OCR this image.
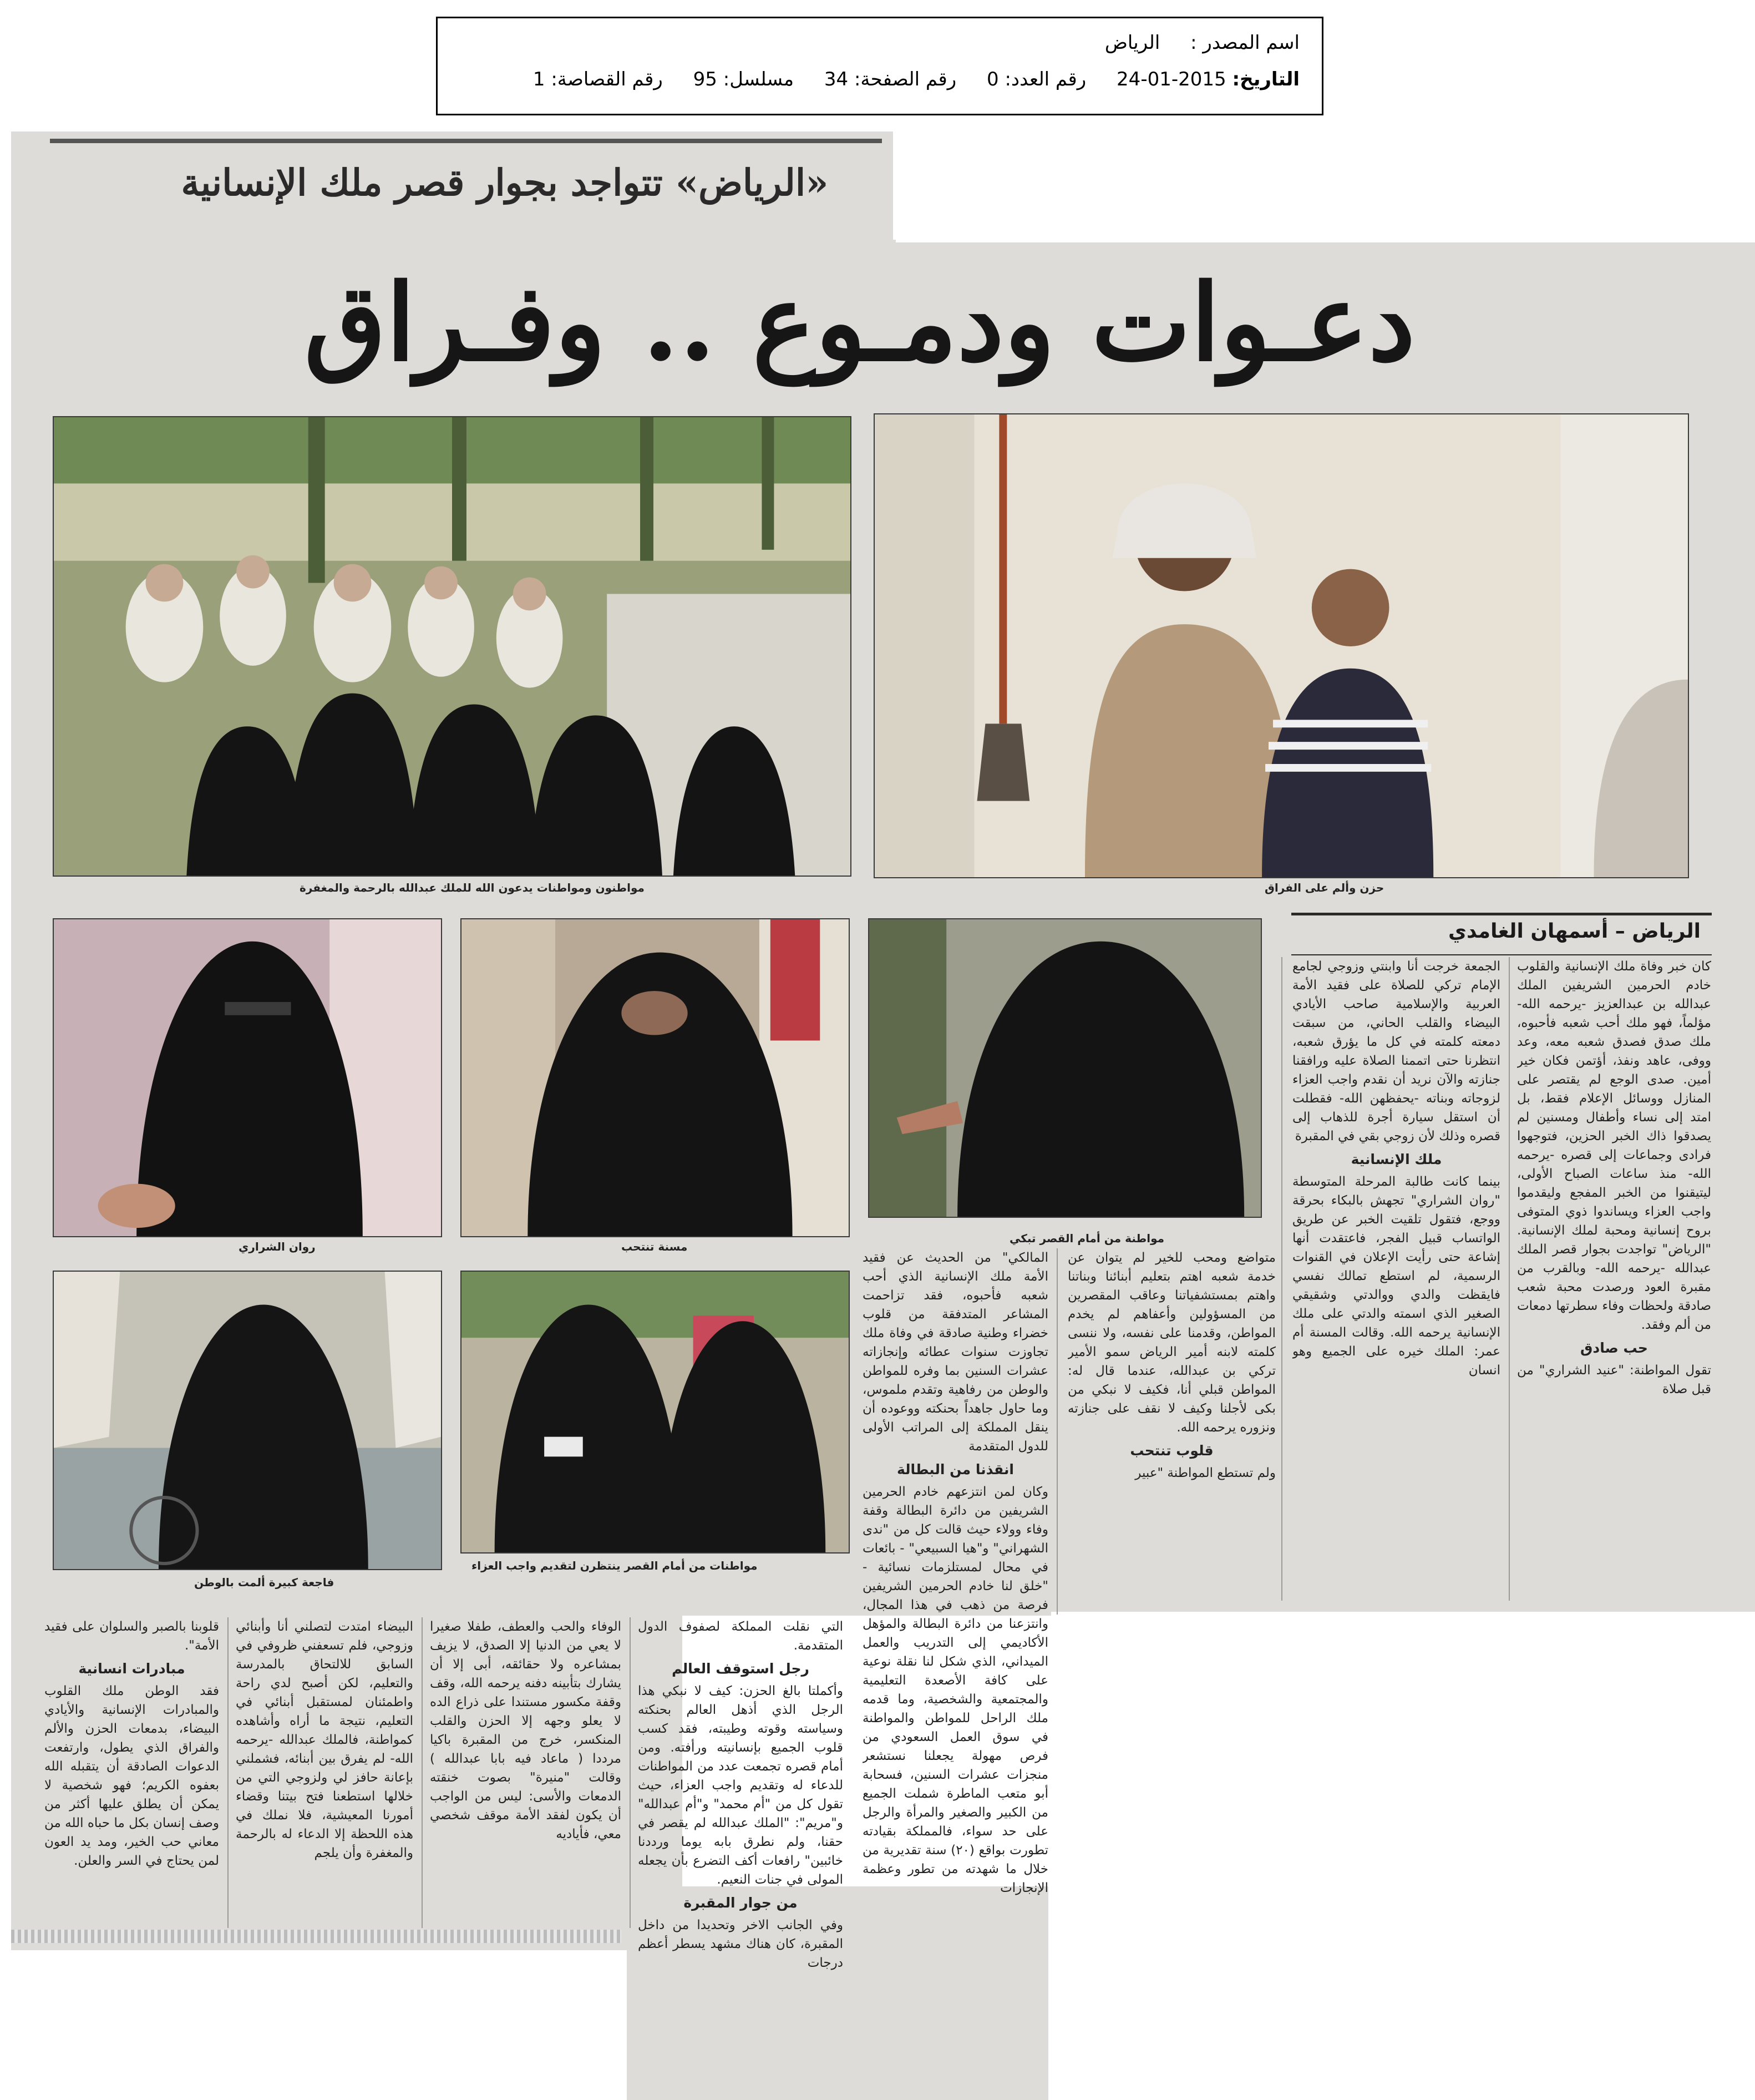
اسم المصدر : الرياض
التاريخ: 2015-01-24 رقم العدد: 0 رقم الصفحة: 34 مسلسل: 95 رقم القصاصة: 1
«الرياض» تتواجد بجوار قصر ملك الإنسانية
دعـوات ودمـوع .. وفـراق
مواطنون ومواطنات يدعون الله للملك عبدالله بالرحمة والمغفرة	حزن وألم على الفراق
الرياض – أسمهان الغامدي
روان الشراري	مسنة تنتحب
مواطنة من أمام القصر تبكي
فاجعة كبيرة ألمت بالوطن
مواطنات من أمام القصر ينتظرن لتقديم واجب العزاء

كان خبر وفاة ملك الإنسانية والقلوب خادم الحرمين الشريفين الملك عبدالله بن عبدالعزيز -يرحمه الله- مؤلماً، فهو ملك أحب شعبه فأحبوه، ملك صدق فصدق شعبه معه، وعد ووفى، عاهد ونفذ، أؤتمن فكان خير أمين. صدى الوجع لم يقتصر على المنازل ووسائل الإعلام فقط، بل امتد إلى نساء وأطفال ومسنين لم يصدقوا ذاك الخبر الحزين، فتوجهوا فرادى وجماعات إلى قصره -يرحمه الله- منذ ساعات الصباح الأولى، ليتيقنوا من الخبر المفجع وليقدموا واجب العزاء ويساندوا ذوي المتوفى بروح إنسانية ومحبة لملك الإنسانية. "الرياض" تواجدت بجوار قصر الملك عبدالله -يرحمه الله- وبالقرب من مقبرة العود ورصدت محبة شعب صادقة ولحظات وفاء سطرتها دمعات من ألم وفقد.

حب صادق

تقول المواطنة: "عنيد الشراري" من قبل صلاة

الجمعة خرجت أنا وابنتي وزوجي لجامع الإمام تركي للصلاة على فقيد الأمة العربية والإسلامية صاحب الأيادي البيضاء والقلب الحاني، من سبقت دمعته كلمته في كل ما يؤرق شعبه، انتظرنا حتى اتممنا الصلاة عليه ورافقنا جنازته والآن نريد أن نقدم واجب العزاء لزوجاته وبناته -يحفظهن الله- فقطلت أن استقل سيارة أجرة للذهاب إلى قصره وذلك لأن زوجي بقي في المقبرة

ملك الإنسانية

بينما كانت طالبة المرحلة المتوسطة "روان الشراري" تجهش بالبكاء بحرقة ووجع، فتقول تلقيت الخبر عن طريق الواتساب قبيل الفجر، فاعتقدت أنها إشاعة حتى رأيت الإعلان في القنوات الرسمية، لم استطع تمالك نفسي فايقظت والدي ووالدتي وشقيقي الصغير الذي اسمته والدتي على ملك الإنسانية يرحمه الله. وقالت المسنة أم عمر: الملك خيره على الجميع وهو انسان

متواضع ومحب للخير لم يتوان عن خدمة شعبه اهتم بتعليم أبنائنا وبناتنا واهتم بمستشفياتنا وعاقب المقصرين من المسؤولين وأعفاهم لم يخدم المواطن، وقدمنا على نفسه، ولا ننسى كلمته لابنه أمير الرياض سمو الأمير تركي بن عبدالله، عندما قال له: المواطن قبلي أنا، فكيف لا نبكي من بكى لأجلنا وكيف لا نقف على جنازته ونزوره يرحمه الله.

قلوب تنتحب

ولم تستطع المواطنة "عبير

المالكي" من الحديث عن فقيد الأمة ملك الإنسانية الذي أحب شعبه فأحبوه، فقد تزاحمت المشاعر المتدفقة من قلوب خضراء وطنية صادقة في وفاة ملك تجاوزت سنوات عطائه وإنجازاته عشرات السنين بما وفره للمواطن والوطن من رفاهية وتقدم ملموس، وما حاول جاهداً بحنكته ووعوده أن ينقل المملكة إلى المراتب الأولى للدول المتقدمة

انقذنا من البطالة

وكان لمن انتزعهم خادم الحرمين الشريفين من دائرة البطالة وقفة وفاء وولاء حيث قالت كل من "ندى الشهراني" و"هيا السبيعي" - بائعات في محال لمستلزمات نسائية - "خلق لنا خادم الحرمين الشريفين فرصة من ذهب في هذا المجال، وانتزعنا من دائرة البطالة والمؤهل الأكاديمي إلى التدريب والعمل الميداني، الذي شكل لنا نقلة نوعية على كافة الأصعدة التعليمية والمجتمعية والشخصية، وما قدمه ملك الراحل للمواطن والمواطنة في سوق العمل السعودي من فرص مهولة يجعلنا نستشعر منجزات عشرات السنين، فسحابة أبو متعب الماطرة شملت الجميع من الكبير والصغير والمرأة والرجل على حد سواء، فالمملكة بقيادته تطورت بواقع (٢٠) سنة تقديرية من خلال ما شهدته من تطور وعظمة الإنجازات

التي نقلت المملكة لصفوف الدول المتقدمة.

رجل استوقف العالم

وأكملتا بالغ الحزن: كيف لا نبكي هذا الرجل الذي أذهل العالم بحنكته وسياسته وقوته وطيبته، فقد كسب قلوب الجميع بإنسانيته ورأفته. ومن أمام قصره تجمعت عدد من المواطنات للدعاء له وتقديم واجب العزاء، حيث تقول كل من "أم محمد" و"أم عبدالله" و"مريم": "الملك عبدالله لم يقصر في حقنا، ولم نطرق بابه يوما ورددنا خائبين" رافعات أكف التضرع بأن يجعله المولى في جنات النعيم.

من جوار المقبرة

وفي الجانب الاخر وتحديدا من داخل المقبرة، كان هناك مشهد يسطر أعظم درجات

الوفاء والحب والعطف، طفلا صغيرا لا يعي من الدنيا إلا الصدق، لا يزيف بمشاعره ولا حقائقه، أبى إلا أن يشارك بتأبينه دفنه يرحمه الله، وقف وقفة مكسور مستندا على ذراع الده لا يعلو وجهه إلا الحزن والقلب المنكسر، خرج من المقبرة باكيا مرددا ( ماعاد فيه بابا عبدالله ) وقالت "منيرة" بصوت خنقته الدمعات والأسى: ليس من الواجب أن يكون لفقد الأمة موقف شخصي معي، فأياديه

البيضاء امتدت لتصلني أنا وأبنائي وزوجي، فلم تسعفني ظروفي في السابق للالتحاق بالمدرسة والتعليم، لكن أصبح لدي راحة واطمئنان لمستقبل أبنائي في التعليم، نتيجة ما أراه وأشاهده كمواطنة، فالملك عبدالله -يرحمه الله- لم يفرق بين أبنائه، فشملني بإعانة حافز لي ولزوجي التي من خلالها استطعنا فتح بيتنا وقضاء أمورنا المعيشية، فلا نملك في هذه اللحظة إلا الدعاء له بالرحمة والمغفرة وأن يلجم

قلوبنا بالصبر والسلوان على فقيد الأمة".

مبادرات انسانية

فقد الوطن ملك القلوب والمبادرات الإنسانية والأيادي البيضاء، بدمعات الحزن والألم والفراق الذي يطول، وارتفعت الدعوات الصادقة أن يتقبله الله بعفوه الكريم؛ فهو شخصية لا يمكن أن يطلق عليها أكثر من وصف إنسان بكل ما حباه الله من معاني حب الخير، ومد يد العون لمن يحتاج في السر والعلن.
